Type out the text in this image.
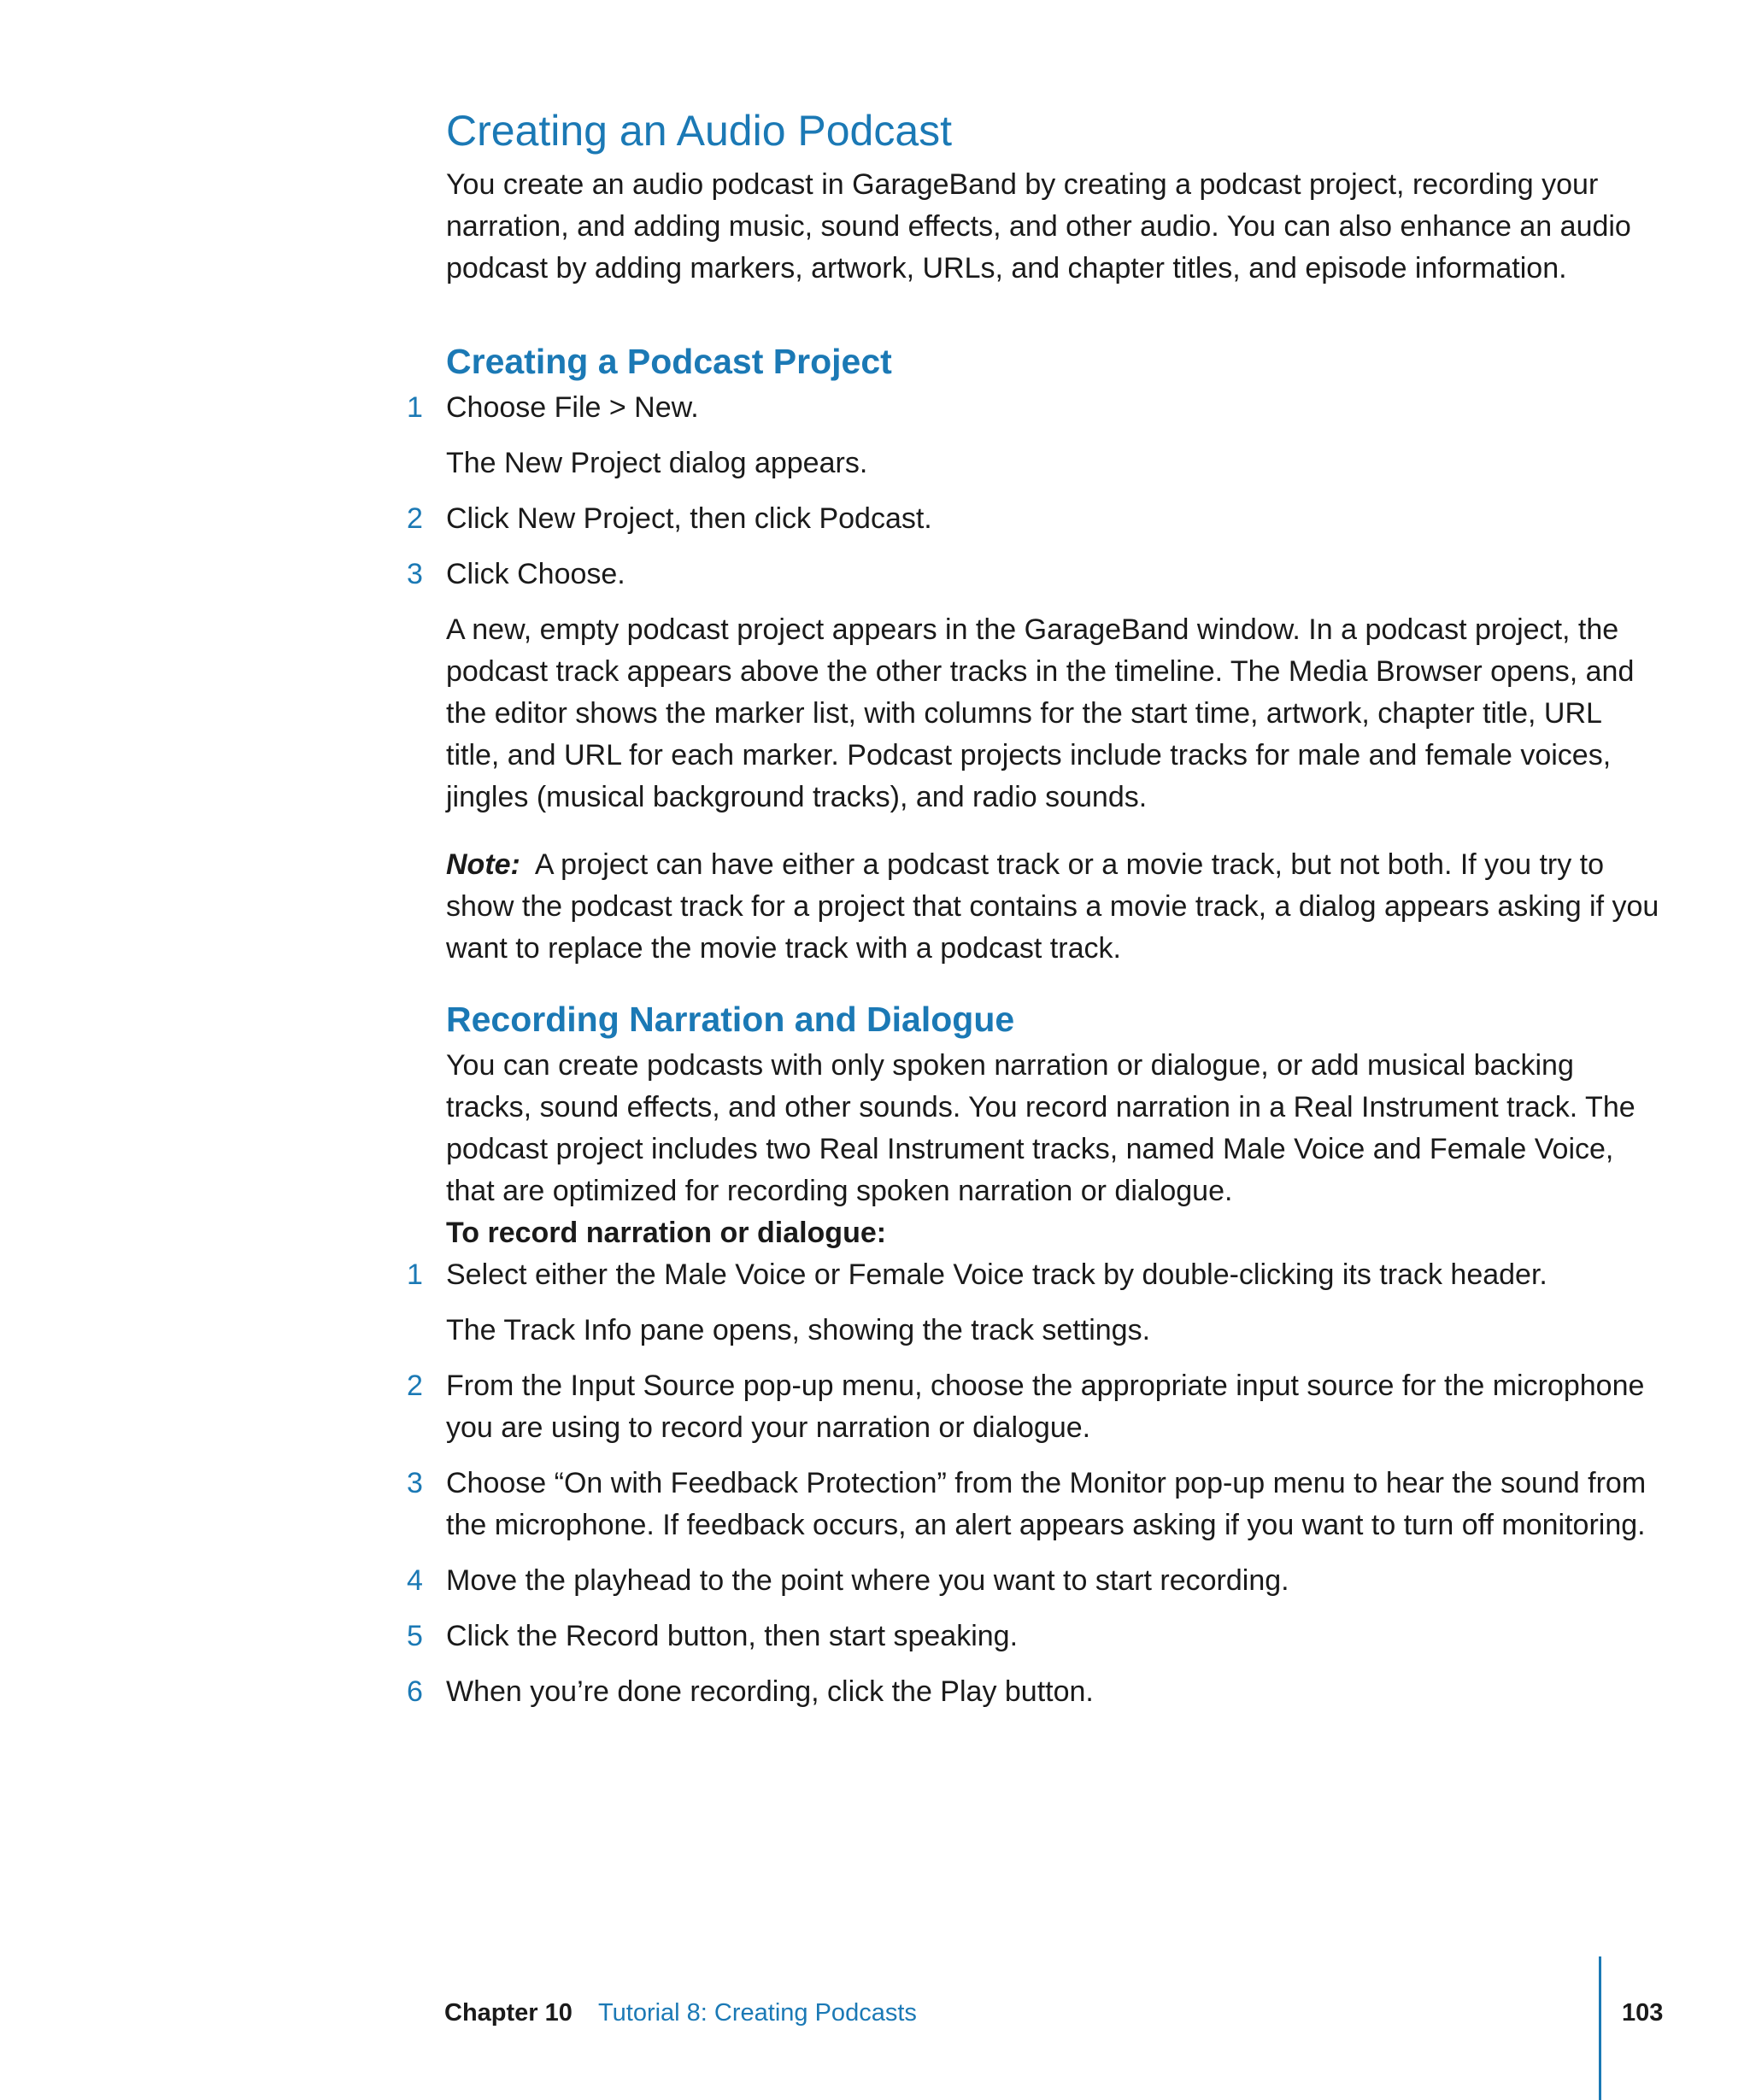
Creating an Audio Podcast

You create an audio podcast in GarageBand by creating a podcast project, recording your narration, and adding music, sound effects, and other audio. You can also enhance an audio podcast by adding markers, artwork, URLs, and chapter titles, and episode information.

Creating a Podcast Project
1 Choose File > New.

The New Project dialog appears.

2 Click New Project, then click Podcast.

3 Click Choose.

A new, empty podcast project appears in the GarageBand window. In a podcast project, the podcast track appears above the other tracks in the timeline. The Media Browser opens, and the editor shows the marker list, with columns for the start time, artwork, chapter title, URL title, and URL for each marker. Podcast projects include tracks for male and female voices, jingles (musical background tracks), and radio sounds.

Note: A project can have either a podcast track or a movie track, but not both. If you try to show the podcast track for a project that contains a movie track, a dialog appears asking if you want to replace the movie track with a podcast track.

Recording Narration and Dialogue

You can create podcasts with only spoken narration or dialogue, or add musical backing tracks, sound effects, and other sounds. You record narration in a Real Instrument track. The podcast project includes two Real Instrument tracks, named Male Voice and Female Voice, that are optimized for recording spoken narration or dialogue.

To record narration or dialogue:

1 Select either the Male Voice or Female Voice track by double-clicking its track header.

The Track Info pane opens, showing the track settings.

2 From the Input Source pop-up menu, choose the appropriate input source for the microphone you are using to record your narration or dialogue.

3 Choose “On with Feedback Protection” from the Monitor pop-up menu to hear the sound from the microphone. If feedback occurs, an alert appears asking if you want to turn off monitoring.

4 Move the playhead to the point where you want to start recording.

5 Click the Record button, then start speaking.

6 When you’re done recording, click the Play button.

Chapter 10 Tutorial 8: Creating Podcasts	103
